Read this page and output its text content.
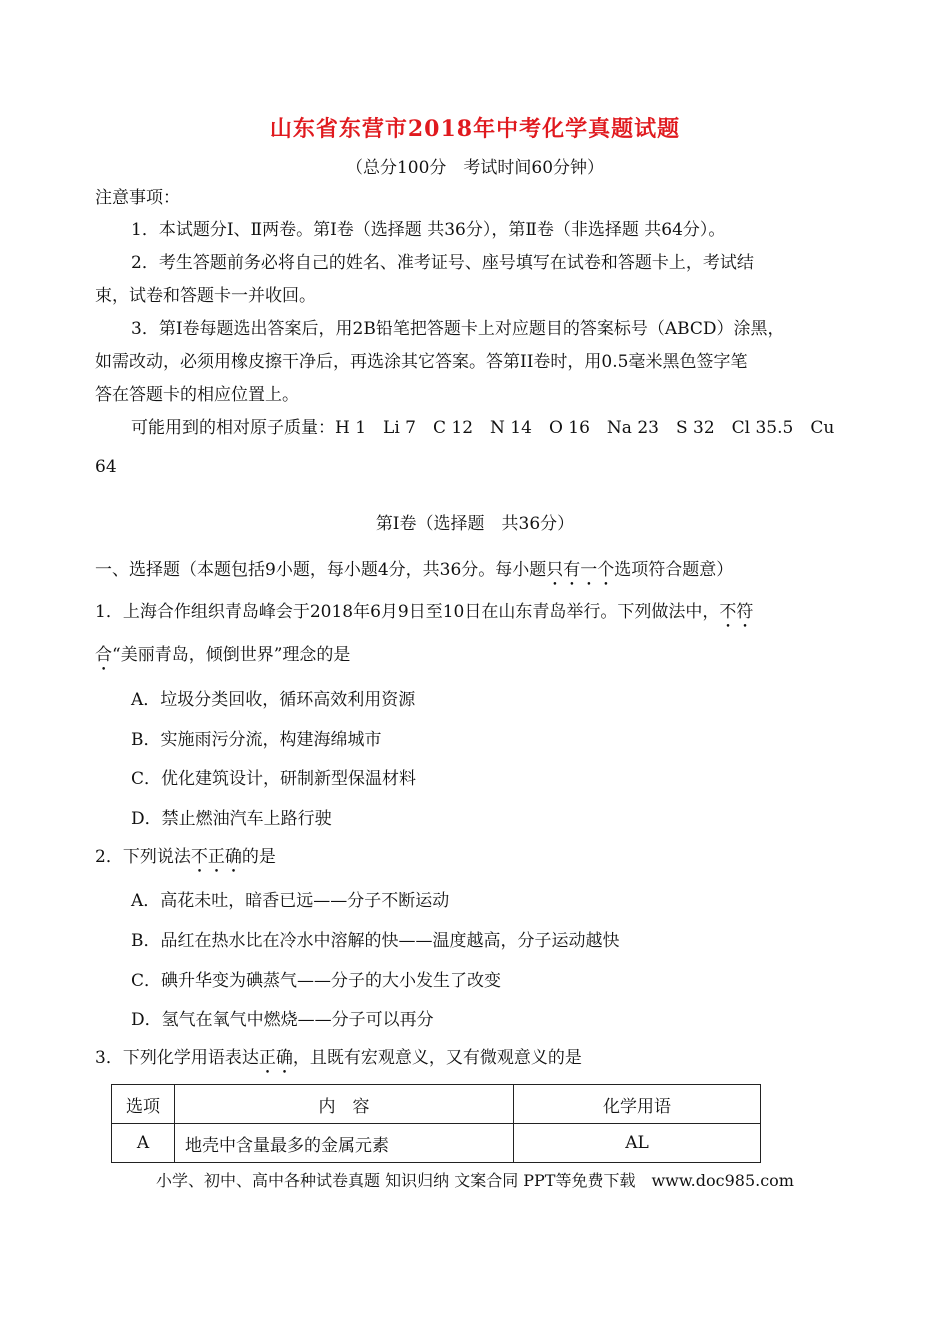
山东省东营市2018年中考化学真题试题
（总分100分　考试时间60分钟）
注意事项：
1．本试题分Ⅰ、Ⅱ两卷。第Ⅰ卷（选择题 共36分），第Ⅱ卷（非选择题 共64分）。
2．考生答题前务必将自己的姓名、准考证号、座号填写在试卷和答题卡上，考试结
束，试卷和答题卡一并收回。
3．第Ⅰ卷每题选出答案后，用2B铅笔把答题卡上对应题目的答案标号（ABCD）涂黑，
如需改动，必须用橡皮擦干净后，再选涂其它答案。答第II卷时，用0.5毫米黑色签字笔
答在答题卡的相应位置上。
可能用到的相对原子质量：H 1　Li 7　C 12　N 14　O 16　Na 23　S 32　Cl 35.5　Cu
64
第Ⅰ卷（选择题　共36分）
一、选择题（本题包括9小题，每小题4分，共36分。每小题只有一个选项符合题意）
1．上海合作组织青岛峰会于2018年6月9日至10日在山东青岛举行。下列做法中，不符
合“美丽青岛，倾倒世界”理念的是
A．垃圾分类回收，循环高效利用资源
B．实施雨污分流，构建海绵城市
C．优化建筑设计，研制新型保温材料
D．禁止燃油汽车上路行驶
2．下列说法不正确的是
A．高花未吐，暗香已远——分子不断运动
B．品红在热水比在冷水中溶解的快——温度越高，分子运动越快
C．碘升华变为碘蒸气——分子的大小发生了改变
D．氢气在氧气中燃烧——分子可以再分
3．下列化学用语表达正确，且既有宏观意义，又有微观意义的是
选项	内　容	化学用语
A	地壳中含量最多的金属元素	AL
小学、初中、高中各种试卷真题 知识归纳 文案合同 PPT等免费下载　www.doc985.com
